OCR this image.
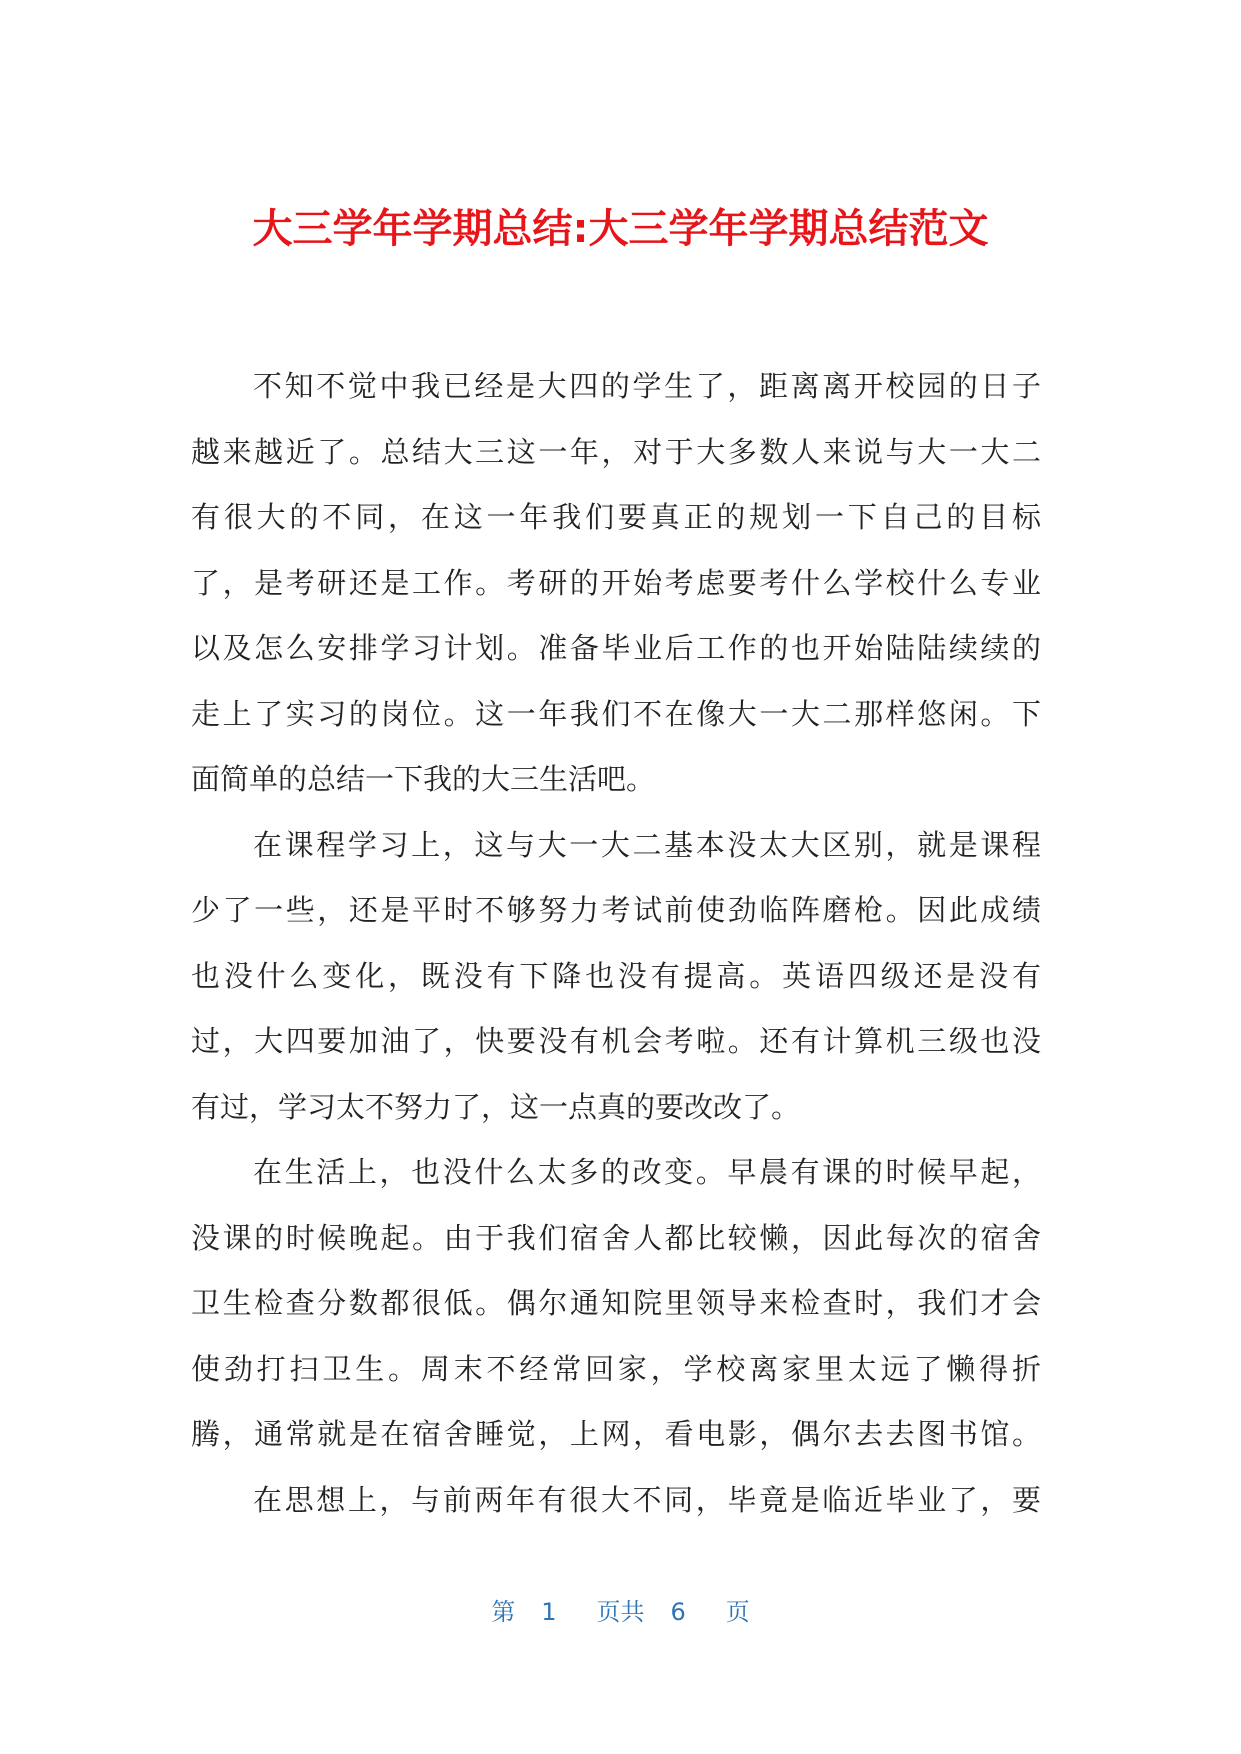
大三学年学期总结:大三学年学期总结范文
不知不觉中我已经是大四的学生了，距离离开校园的日子
越来越近了。总结大三这一年，对于大多数人来说与大一大二
有很大的不同，在这一年我们要真正的规划一下自己的目标
了，是考研还是工作。考研的开始考虑要考什么学校什么专业
以及怎么安排学习计划。准备毕业后工作的也开始陆陆续续的
走上了实习的岗位。这一年我们不在像大一大二那样悠闲。下
面简单的总结一下我的大三生活吧。
在课程学习上，这与大一大二基本没太大区别，就是课程
少了一些，还是平时不够努力考试前使劲临阵磨枪。因此成绩
也没什么变化，既没有下降也没有提高。英语四级还是没有
过，大四要加油了，快要没有机会考啦。还有计算机三级也没
有过，学习太不努力了，这一点真的要改改了。
在生活上，也没什么太多的改变。早晨有课的时候早起，
没课的时候晚起。由于我们宿舍人都比较懒，因此每次的宿舍
卫生检查分数都很低。偶尔通知院里领导来检查时，我们才会
使劲打扫卫生。周末不经常回家，学校离家里太远了懒得折
腾，通常就是在宿舍睡觉，上网，看电影，偶尔去去图书馆。
在思想上，与前两年有很大不同，毕竟是临近毕业了，要
第 1 页共 6 页
